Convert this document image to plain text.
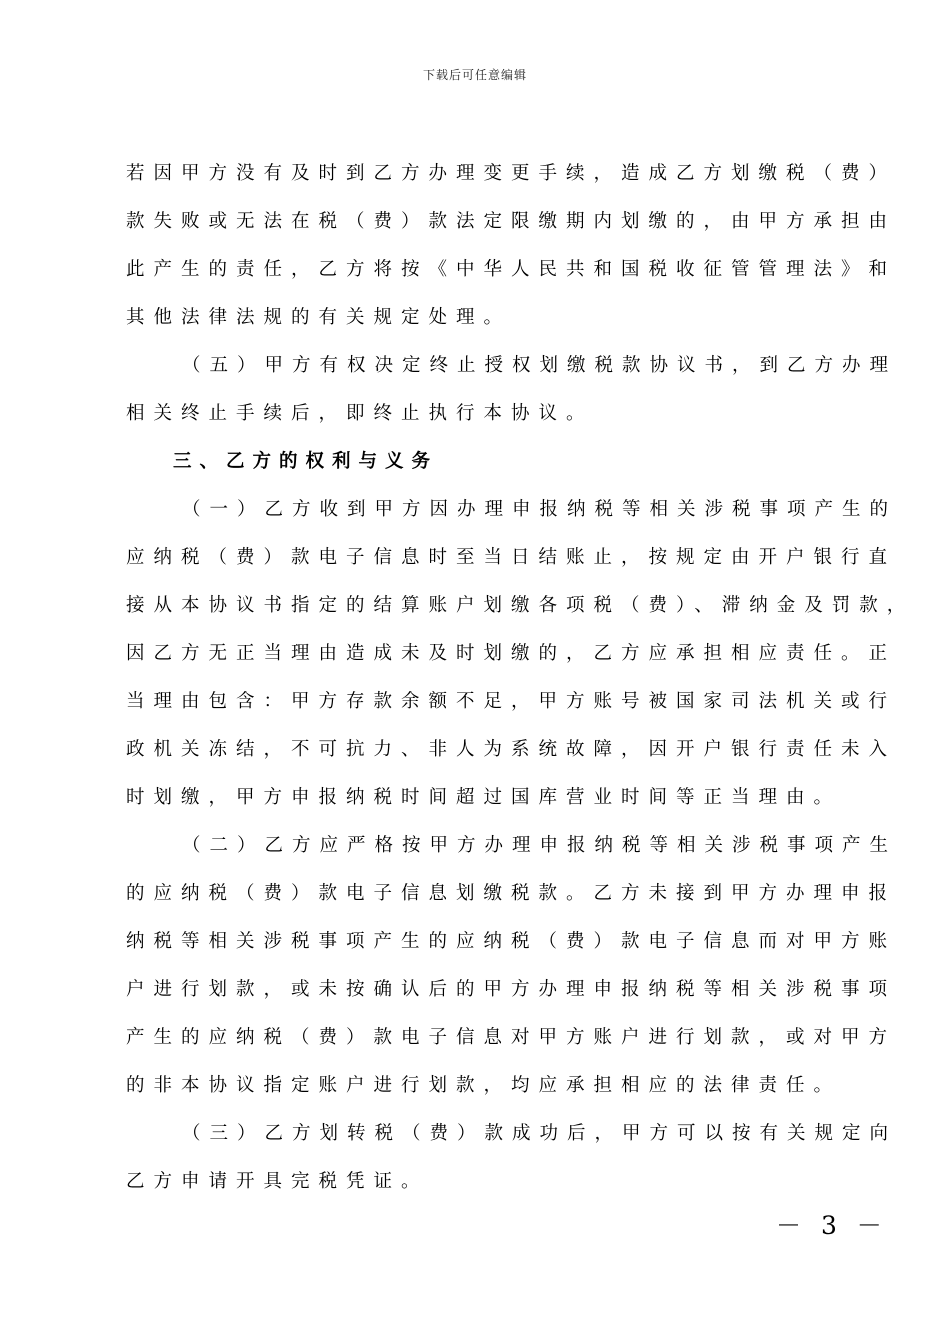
下载后可任意编辑
若因甲方没有及时到乙方办理变更手续，造成乙方划缴税（费）
款失败或无法在税（费）款法定限缴期内划缴的，由甲方承担由
此产生的责任，乙方将按《中华人民共和国税收征管管理法》和
其他法律法规的有关规定处理。
（五）甲方有权决定终止授权划缴税款协议书，到乙方办理
相关终止手续后，即终止执行本协议。
三、乙方的权利与义务
（一）乙方收到甲方因办理申报纳税等相关涉税事项产生的
应纳税（费）款电子信息时至当日结账止，按规定由开户银行直
接从本协议书指定的结算账户划缴各项税（费）、滞纳金及罚款，
因乙方无正当理由造成未及时划缴的，乙方应承担相应责任。正
当理由包含：甲方存款余额不足，甲方账号被国家司法机关或行
政机关冻结，不可抗力、非人为系统故障，因开户银行责任未入
时划缴，甲方申报纳税时间超过国库营业时间等正当理由。
（二）乙方应严格按甲方办理申报纳税等相关涉税事项产生
的应纳税（费）款电子信息划缴税款。乙方未接到甲方办理申报
纳税等相关涉税事项产生的应纳税（费）款电子信息而对甲方账
户进行划款，或未按确认后的甲方办理申报纳税等相关涉税事项
产生的应纳税（费）款电子信息对甲方账户进行划款，或对甲方
的非本协议指定账户进行划款，均应承担相应的法律责任。
（三）乙方划转税（费）款成功后，甲方可以按有关规定向
乙方申请开具完税凭证。
－ 3 －
